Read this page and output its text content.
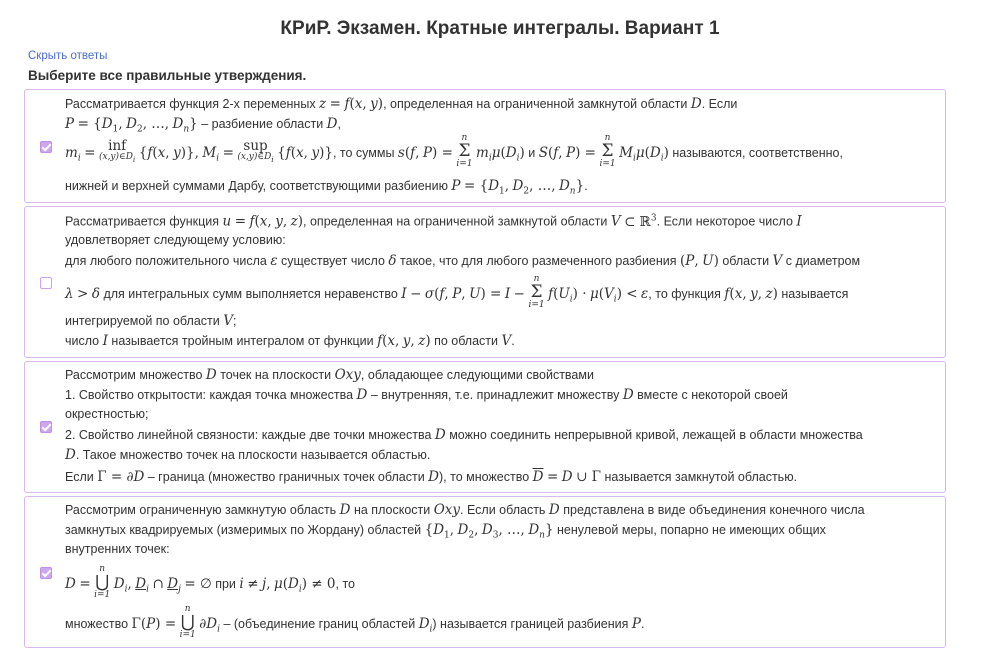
КРиР. Экзамен. Кратные интегралы. Вариант 1
Скрыть ответы
Выберите все правильные утверждения.
Рассматривается функция 2-х переменных z = f(x, y), определенная на ограниченной замкнутой области D. Если
$P = \{D_1$, $D_2$, …, $D_n$} – разбиение области D,
$m_i$ = inf
$(x,y)\in D_i$ {f(x, y)}, $M_i$ = sup
$(x,y)\in D_i$ {f(x, y)}, то суммы s(f, P) =
n
Σ
i=1
$m_i\mu(D_i)$ и S(f, P) =
n
Σ
i=1
$M_i\mu(D_i)$ называются, соответственно,
нижней и верхней суммами Дарбу, соответствующими разбиению $P = \{D_1$, $D_2$, …, $D_n$}.
Рассматривается функция u = f(x, y, z), определенная на ограниченной замкнутой области V ⊂ ℝ$^3$. Если некоторое число I
удовлетворяет следующему условию:
для любого положительного числа ε существует число δ такое, что для любого размеченного разбиения (P, U) области V с диаметром
λ > δ для интегральных сумм выполняется неравенство I − σ(f, P, U) = I −
n
Σ
i=1
$f(U_i) \cdot \mu(V_i) < \varepsilon$, то функция f(x, y, z) называется
интегрируемой по области V;
число I называется тройным интегралом от функции f(x, y, z) по области V.
Рассмотрим множество D точек на плоскости Oxy, обладающее следующими свойствами
1. Свойство открытости: каждая точка множества D – внутренняя, т.е. принадлежит множеству D вместе с некоторой своей
окрестностью;
2. Свойство линейной связности: каждые две точки множества D можно соединить непрерывной кривой, лежащей в области множества
D. Такое множество точек на плоскости называется областью.
Если Γ = ∂D – граница (множество граничных точек области D), то множество $\overline{D} = D$ ∪ Γ называется замкнутой областью.
Рассмотрим ограниченную замкнутую область D на плоскости Oxy. Если область D представлена в виде объединения конечного числа
замкнутых квадрируемых (измеримых по Жордану) областей {$D_1$, $D_2$, $D_3$, …, $D_n$} ненулевой меры, попарно не имеющих общих
внутренних точек:
D =
n
⋃
i=1
$D_i$, $D_i$ ∩ $D_j$ = ∅ при i ≠ j, $\mu(D_i) \ne 0$, то
множество Γ(P) =
n
⋃
i=1
$\partial D_i$ – (объединение границ областей $D_i$) называется границей разбиения P.
